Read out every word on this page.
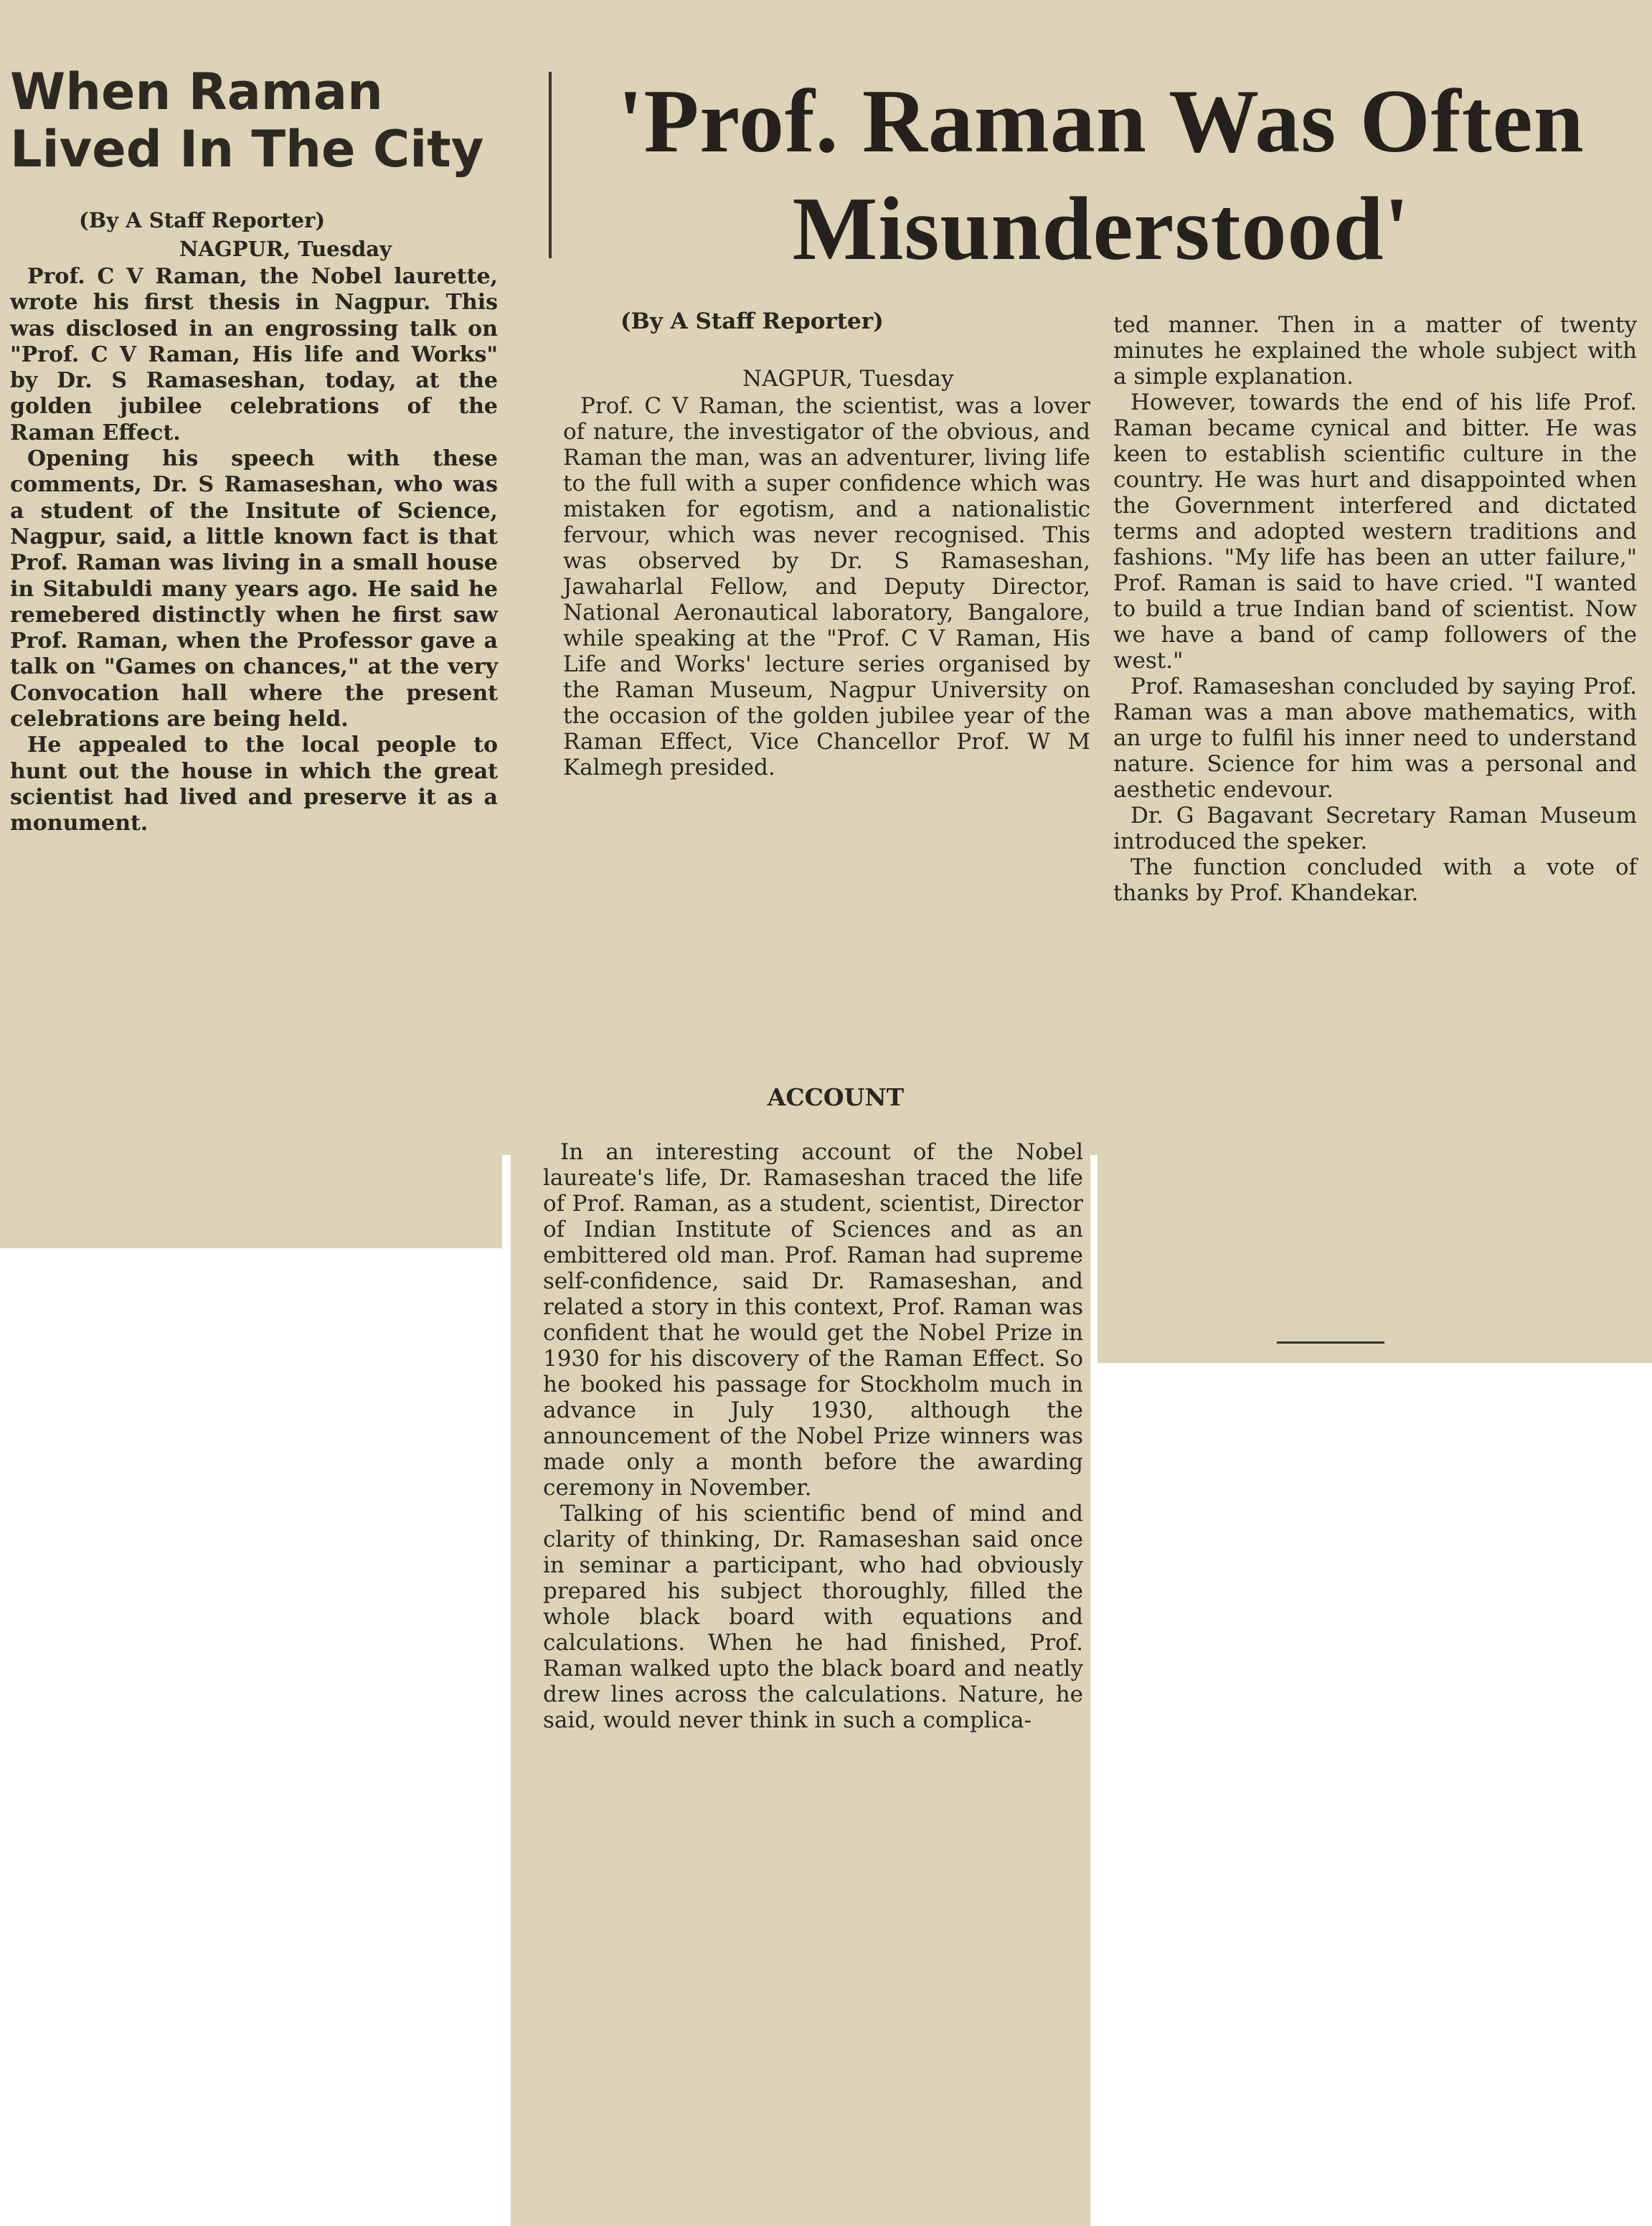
When Raman Lived In The City
(By A Staff Reporter)
NAGPUR, Tuesday

Prof. C V Raman, the Nobel laurette, wrote his first thesis in Nagpur. This was disclosed in an engrossing talk on "Prof. C V Raman, His life and Works" by Dr. S Ramaseshan, today, at the golden jubilee celebrations of the Raman Effect.

Opening his speech with these comments, Dr. S Ramaseshan, who was a student of the Insitute of Science, Nagpur, said, a little known fact is that Prof. Raman was living in a small house in Sitabuldi many years ago. He said he remebered distinctly when he first saw Prof. Raman, when the Professor gave a talk on "Games on chances," at the very Convocation hall where the present celebrations are being held.

He appealed to the local people to hunt out the house in which the great scientist had lived and preserve it as a monument.

'Prof. Raman Was Often Misunderstood'
(By A Staff Reporter)
NAGPUR, Tuesday

Prof. C V Raman, the scientist, was a lover of nature, the investigator of the obvious, and Raman the man, was an adventurer, living life to the full with a super confidence which was mistaken for egotism, and a nationalistic fervour, which was never recognised. This was observed by Dr. S Ramaseshan, Jawaharlal Fellow, and Deputy Director, National Aeronautical laboratory, Bangalore, while speaking at the "Prof. C V Raman, His Life and Works' lecture series organised by the Raman Museum, Nagpur University on the occasion of the golden jubilee year of the Raman Effect, Vice Chancellor Prof. W M Kalmegh presided.

ACCOUNT

In an interesting account of the Nobel laureate's life, Dr. Ramaseshan traced the life of Prof. Raman, as a student, scientist, Director of Indian Institute of Sciences and as an embittered old man. Prof. Raman had supreme self-confidence, said Dr. Ramaseshan, and related a story in this context, Prof. Raman was confident that he would get the Nobel Prize in 1930 for his discovery of the Raman Effect. So he booked his passage for Stockholm much in advance in July 1930, although the announcement of the Nobel Prize winners was made only a month before the awarding ceremony in November.

Talking of his scientific bend of mind and clarity of thinking, Dr. Ramaseshan said once in seminar a participant, who had obviously prepared his subject thoroughly, filled the whole black board with equations and calculations. When he had finished, Prof. Raman walked upto the black board and neatly drew lines across the calculations. Nature, he said, would never think in such a complica-

ted manner. Then in a matter of twenty minutes he explained the whole subject with a simple explanation.

However, towards the end of his life Prof. Raman became cynical and bitter. He was keen to establish scientific culture in the country. He was hurt and disappointed when the Government interfered and dictated terms and adopted western traditions and fashions. "My life has been an utter failure," Prof. Raman is said to have cried. "I wanted to build a true Indian band of scientist. Now we have a band of camp followers of the west."

Prof. Ramaseshan concluded by saying Prof. Raman was a man above mathematics, with an urge to fulfil his inner need to understand nature. Science for him was a personal and aesthetic endevour.

Dr. G Bagavant Secretary Raman Museum introduced the speker.

The function concluded with a vote of thanks by Prof. Khandekar.
